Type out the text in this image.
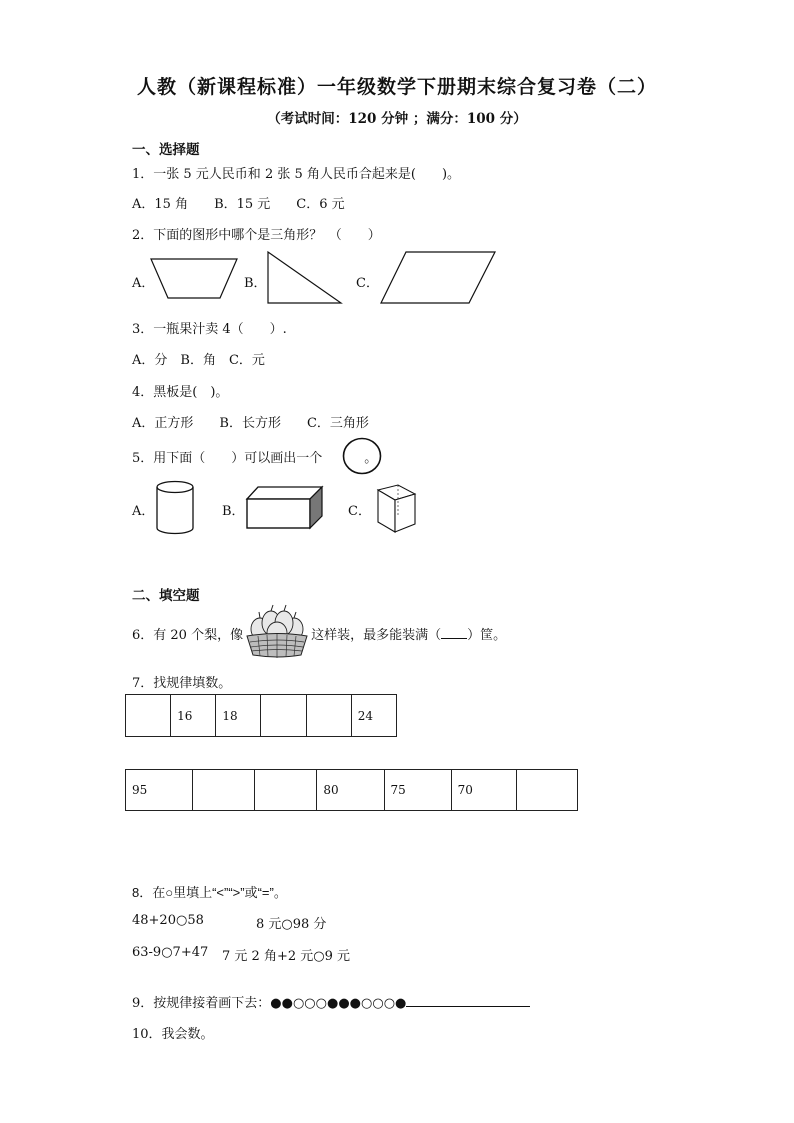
人教（新课程标准）一年级数学下册期末综合复习卷（二）
（考试时间：120 分钟 ；满分：100 分）
一、选择题
1．一张 5 元人民币和 2 张 5 角人民币合起来是(　　)。
A．15 角　　B．15 元　　C．6 元
2．下面的图形中哪个是三角形？　（　　）
A．	B．	C．
3．一瓶果汁卖 4（　　）.
A．分　B．角　C．元
4．黑板是(　)。
A．正方形　　B．长方形　　C．三角形
5．用下面（　　）可以画出一个	。
A．	B．	C．
二、填空题
6．有 20 个梨，像	这样装，最多能装满（ ）筐。
7．找规律填数。
	16	18			24
95			80	75	70	
8．在○里填上“<”“>”或“=”。
48+20○58	8 元○98 分
63-9○7+47 7 元 2 角+2 元○9 元
9．按规律接着画下去：●●○○○●●●○○○●
10．我会数。
